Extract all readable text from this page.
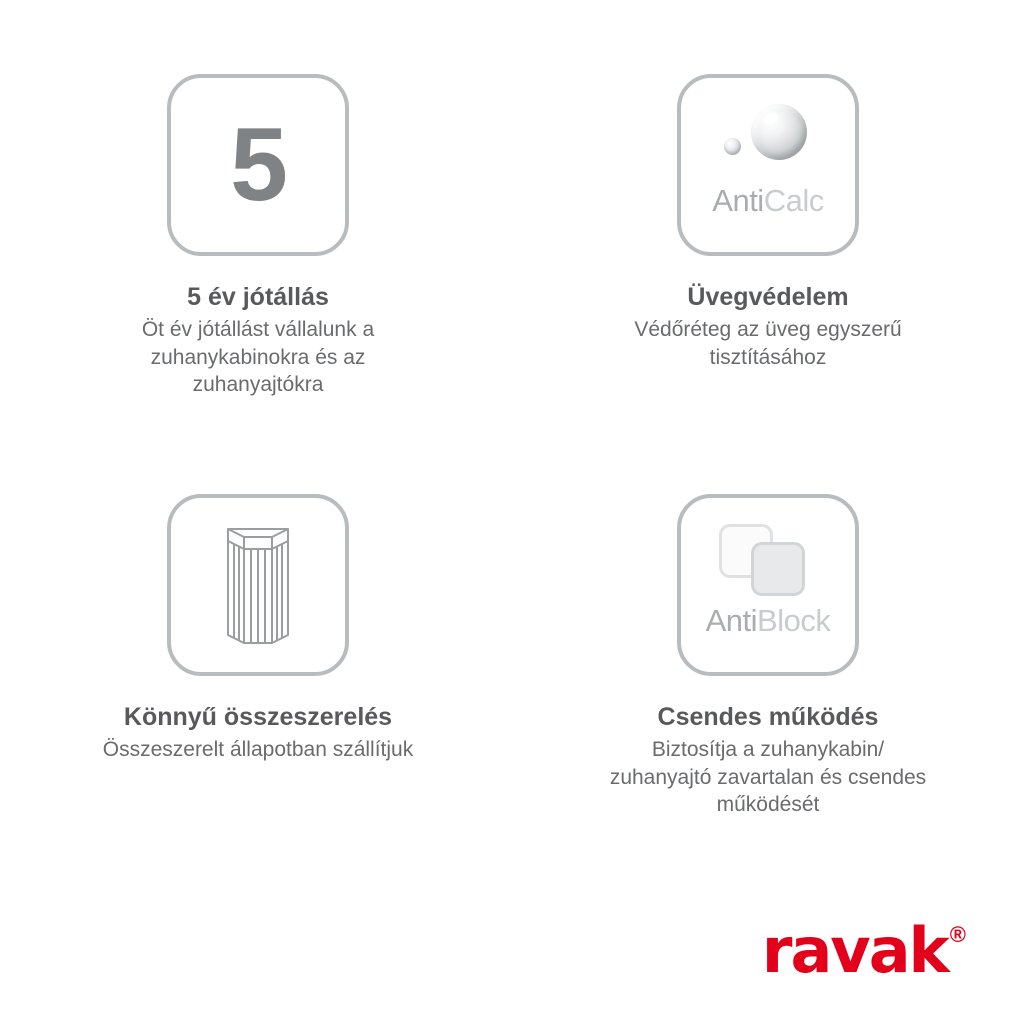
5
5 év jótállás

Öt év jótállást vállalunk a zuhanykabinokra és az zuhanyajtókra

AntiCalc
Üvegvédelem

Védőréteg az üveg egyszerű tisztításához

Könnyű összeszerelés

Összeszerelt állapotban szállítjuk

AntiBlock
Csendes működés

Biztosítja a zuhanykabin/ zuhanyajtó zavartalan és csendes működését

ravak ®
